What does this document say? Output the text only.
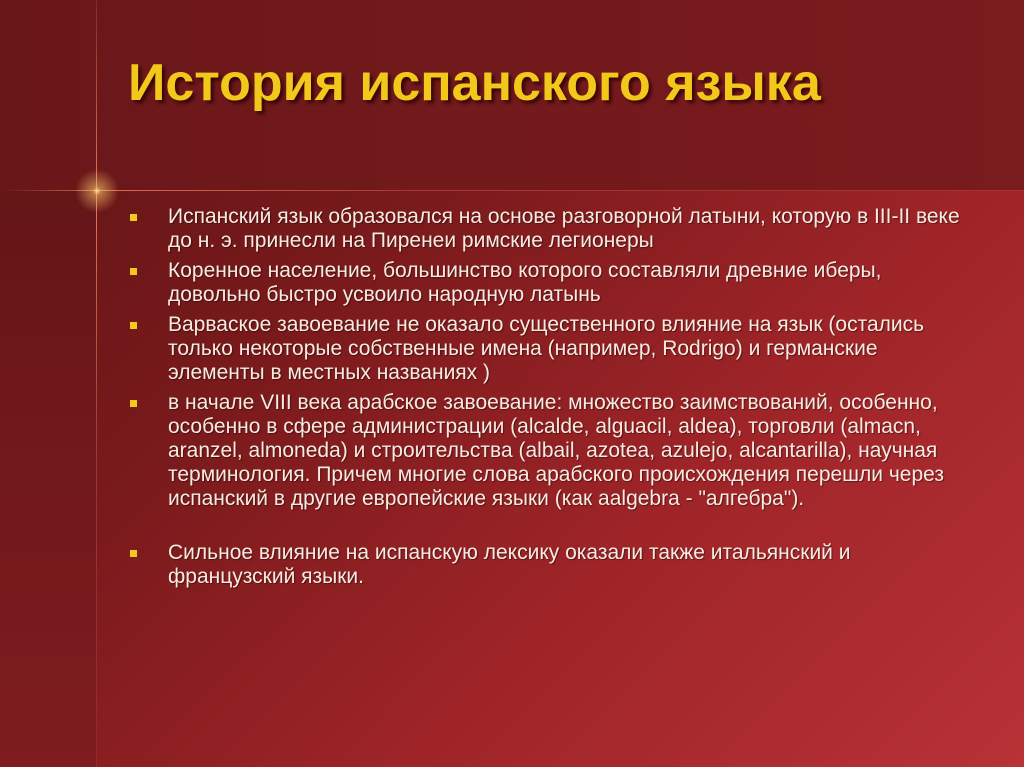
История испанского языка
Испанский язык образовался на основе разговорной латыни, которую в III-II веке до н. э. принесли на Пиренеи римские легионеры
Коренное население, большинство которого составляли древние иберы, довольно быстро усвоило народную латынь
Варваское завоевание не оказало существенного влияние на язык (остались только некоторые собственные имена (например, Rodrigo) и германские элементы в местных названиях )
в начале VIII века арабское завоевание: множество заимствований, особенно, особенно в сфере администрации (alcalde, alguacil, aldea), торговли (almacn, aranzel, almoneda) и строительства (albail, azotea, azulejo, alcantarilla), научная терминология. Причем многие слова арабского происхождения перешли через испанский в другие европейские языки (как aalgebra - "алгебра").
Сильное влияние на испанскую лексику оказали также итальянский и французский языки.
